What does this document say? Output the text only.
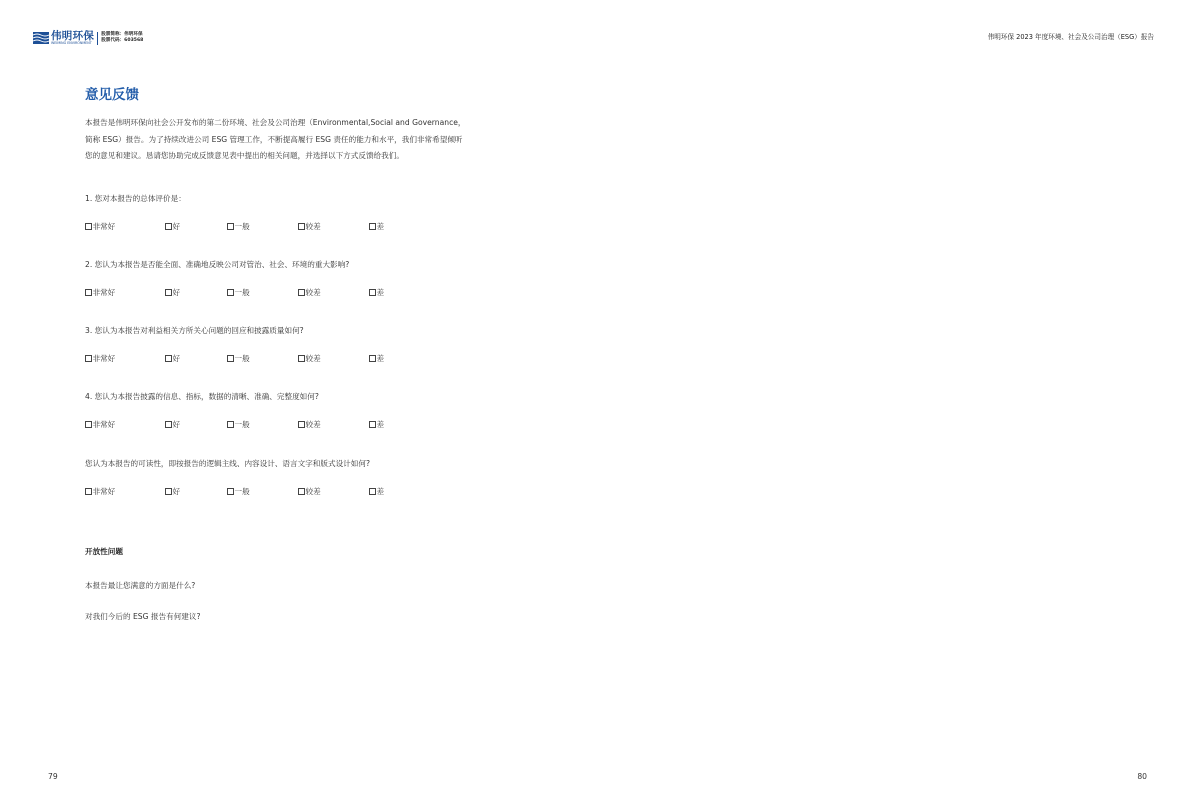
伟明环保
WEIMING ENVIRONMENT
股票简称：伟明环保
股票代码：603568	伟明环保 2023 年度环境、社会及公司治理（ESG）报告
意见反馈

本报告是伟明环保向社会公开发布的第二份环境、社会及公司治理（Environmental,Social and Governance，

简称 ESG）报告。为了持续改进公司 ESG 管理工作，不断提高履行 ESG 责任的能力和水平，我们非常希望倾听

您的意见和建议。恳请您协助完成反馈意见表中提出的相关问题，并选择以下方式反馈给我们。

1. 您对本报告的总体评价是：
非常好	好	一般	较差	差
2. 您认为本报告是否能全面、准确地反映公司对管治、社会、环境的重大影响?
非常好	好	一般	较差	差
3. 您认为本报告对利益相关方所关心问题的回应和披露质量如何?
非常好	好	一般	较差	差
4. 您认为本报告披露的信息、指标，数据的清晰、准确、完整度如何?
非常好	好	一般	较差	差
您认为本报告的可读性，即按报告的逻辑主线、内容设计、语言文字和版式设计如何?
非常好	好	一般	较差	差
开放性问题
本报告最让您满意的方面是什么?
对我们今后的 ESG 报告有何建议?
79	80
